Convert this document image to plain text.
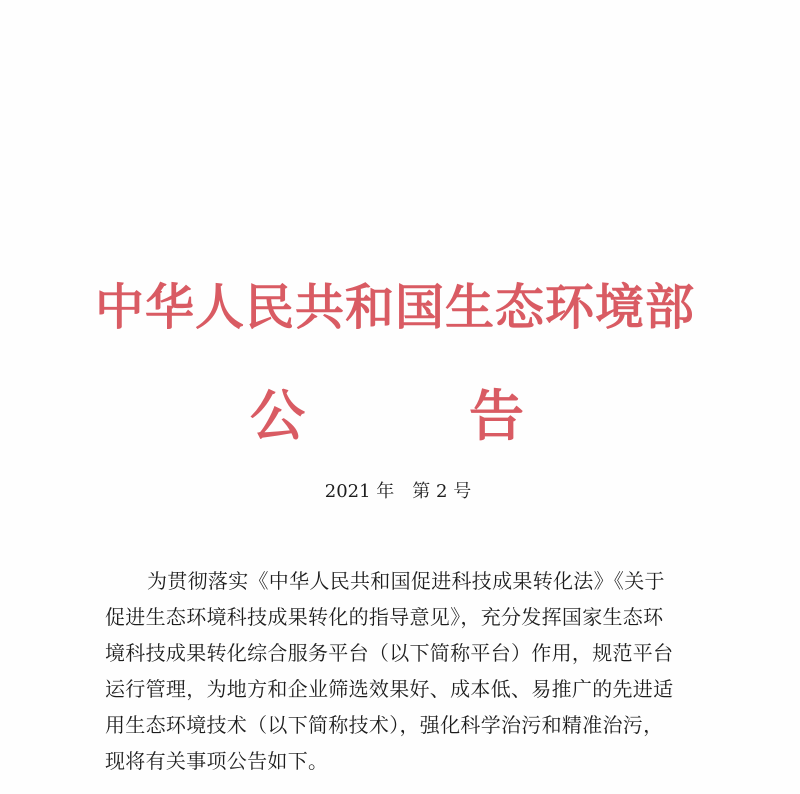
中华人民共和国生态环境部
公	告
2021 年　第 2 号

为贯彻落实《中华人民共和国促进科技成果转化法》《关于
促进生态环境科技成果转化的指导意见》，充分发挥国家生态环
境科技成果转化综合服务平台（以下简称平台）作用，规范平台
运行管理，为地方和企业筛选效果好、成本低、易推广的先进适
用生态环境技术（以下简称技术），强化科学治污和精准治污，
现将有关事项公告如下。
